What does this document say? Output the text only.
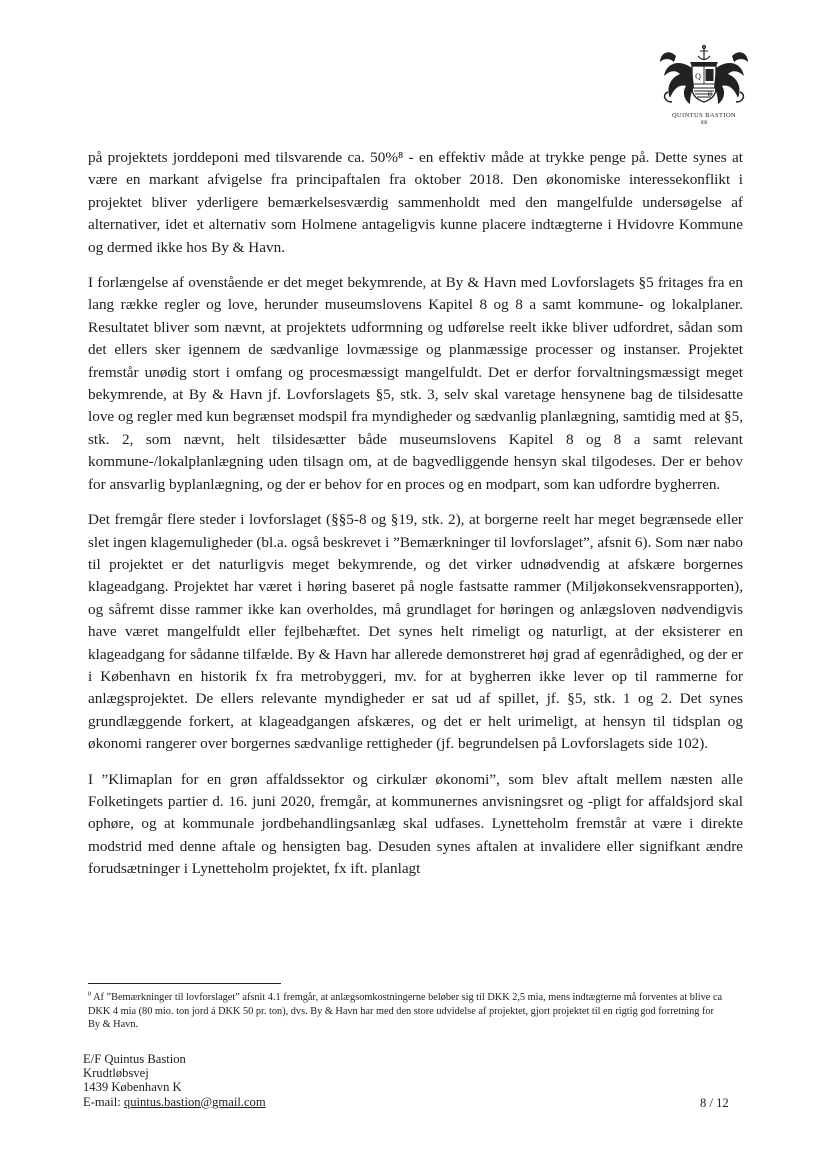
Q
B
QUINTUS BASTION
ĪĪĪĪĪ

på projektets jorddeponi med tilsvarende ca. 50%⁸ - en effektiv måde at trykke penge på. Dette synes at være en markant afvigelse fra principaftalen fra oktober 2018. Den økonomiske interessekonflikt i projektet bliver yderligere bemærkelsesværdig sammenholdt med den mangelfulde undersøgelse af alternativer, idet et alternativ som Holmene antageligvis kunne placere indtægterne i Hvidovre Kommune og dermed ikke hos By & Havn.

I forlængelse af ovenstående er det meget bekymrende, at By & Havn med Lovforslagets §5 fritages fra en lang række regler og love, herunder museumslovens Kapitel 8 og 8 a samt kommune- og lokalplaner. Resultatet bliver som nævnt, at projektets udformning og udførelse reelt ikke bliver udfordret, sådan som det ellers sker igennem de sædvanlige lovmæssige og planmæssige processer og instanser. Projektet fremstår unødig stort i omfang og procesmæssigt mangelfuldt. Det er derfor forvaltningsmæssigt meget bekymrende, at By & Havn jf. Lovforslagets §5, stk. 3, selv skal varetage hensynene bag de tilsidesatte love og regler med kun begrænset modspil fra myndigheder og sædvanlig planlægning, samtidig med at §5, stk. 2, som nævnt, helt tilsidesætter både museumslovens Kapitel 8 og 8 a samt relevant kommune-/lokalplanlægning uden tilsagn om, at de bagvedliggende hensyn skal tilgodeses. Der er behov for ansvarlig byplanlægning, og der er behov for en proces og en modpart, som kan udfordre bygherren.

Det fremgår flere steder i lovforslaget (§§5-8 og §19, stk. 2), at borgerne reelt har meget begrænsede eller slet ingen klagemuligheder (bl.a. også beskrevet i ”Bemærkninger til lovforslaget”, afsnit 6). Som nær nabo til projektet er det naturligvis meget bekymrende, og det virker udnødvendig at afskære borgernes klageadgang. Projektet har været i høring baseret på nogle fastsatte rammer (Miljøkonsekvensrapporten), og såfremt disse rammer ikke kan overholdes, må grundlaget for høringen og anlægsloven nødvendigvis have været mangelfuldt eller fejlbehæftet. Det synes helt rimeligt og naturligt, at der eksisterer en klageadgang for sådanne tilfælde. By & Havn har allerede demonstreret høj grad af egenrådighed, og der er i København en historik fx fra metrobyggeri, mv. for at bygherren ikke lever op til rammerne for anlægsprojektet. De ellers relevante myndigheder er sat ud af spillet, jf. §5, stk. 1 og 2. Det synes grundlæggende forkert, at klageadgangen afskæres, og det er helt urimeligt, at hensyn til tidsplan og økonomi rangerer over borgernes sædvanlige rettigheder (jf. begrundelsen på Lovforslagets side 102).

I ”Klimaplan for en grøn affaldssektor og cirkulær økonomi”, som blev aftalt mellem næsten alle Folketingets partier d. 16. juni 2020, fremgår, at kommunernes anvisningsret og -pligt for affaldsjord skal ophøre, og at kommunale jordbehandlingsanlæg skal udfases. Lynetteholm fremstår at være i direkte modstrid med denne aftale og hensigten bag. Desuden synes aftalen at invalidere eller signifkant ændre forudsætninger i Lynetteholm projektet, fx ift. planlagt

$^8$ Af ”Bemærkninger til lovforslaget” afsnit 4.1 fremgår, at anlægsomkostningerne beløber sig til DKK 2,5 mia, mens indtægterne må forventes at blive ca DKK 4 mia (80 mio. ton jord á DKK 50 pr. ton), dvs. By & Havn har med den store udvidelse af projektet, gjort projektet til en rigtig god forretning for By & Havn.
E/F Quintus Bastion
Krudtløbsvej
1439 København K
E-mail: quintus.bastion@gmail.com	8 / 12
